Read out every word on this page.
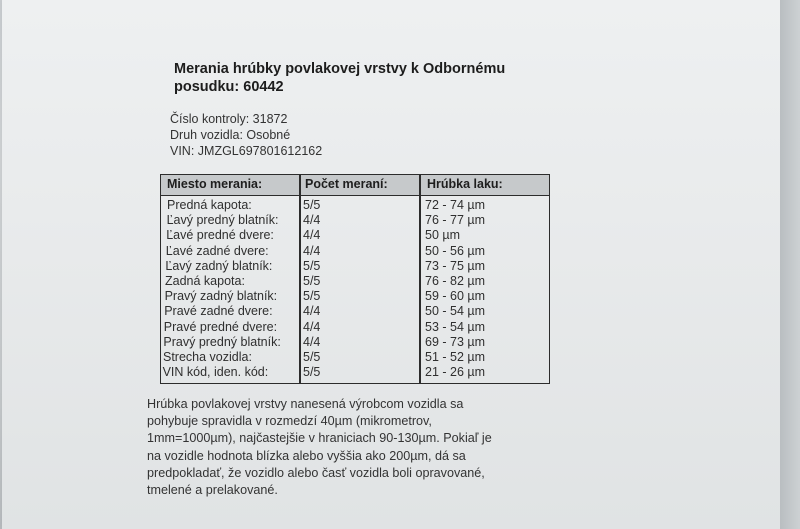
Merania hrúbky povlakovej vrstvy k Odbornému
posudku: 60442
Číslo kontroly: 31872
Druh vozidla: Osobné
VIN: JMZGL697801612162
Miesto merania:	Počet meraní:	Hrúbka laku:
Predná kapota:	5/5	72 - 74 µm
Ľavý predný blatník: 4/4	76 - 77 µm
Ľavé predné dvere: 4/4	50 µm
Ľavé zadné dvere:	4/4	50 - 56 µm
Ľavý zadný blatník: 5/5	73 - 75 µm
Zadná kapota:	5/5	76 - 82 µm
Pravý zadný blatník: 5/5	59 - 60 µm
Pravé zadné dvere: 4/4	50 - 54 µm
Pravé predné dvere: 4/4	53 - 54 µm
Pravý predný blatník: 4/4	69 - 73 µm
Strecha vozidla:	5/5	51 - 52 µm
VIN kód, iden. kód:	5/5	21 - 26 µm
Hrúbka povlakovej vrstvy nanesená výrobcom vozidla sa
pohybuje spravidla v rozmedzí 40µm (mikrometrov,
1mm=1000µm), najčastejšie v hraniciach 90-130µm. Pokiaľ je
na vozidle hodnota blízka alebo vyššia ako 200µm, dá sa
predpokladať, že vozidlo alebo časť vozidla boli opravované,
tmelené a prelakované.
